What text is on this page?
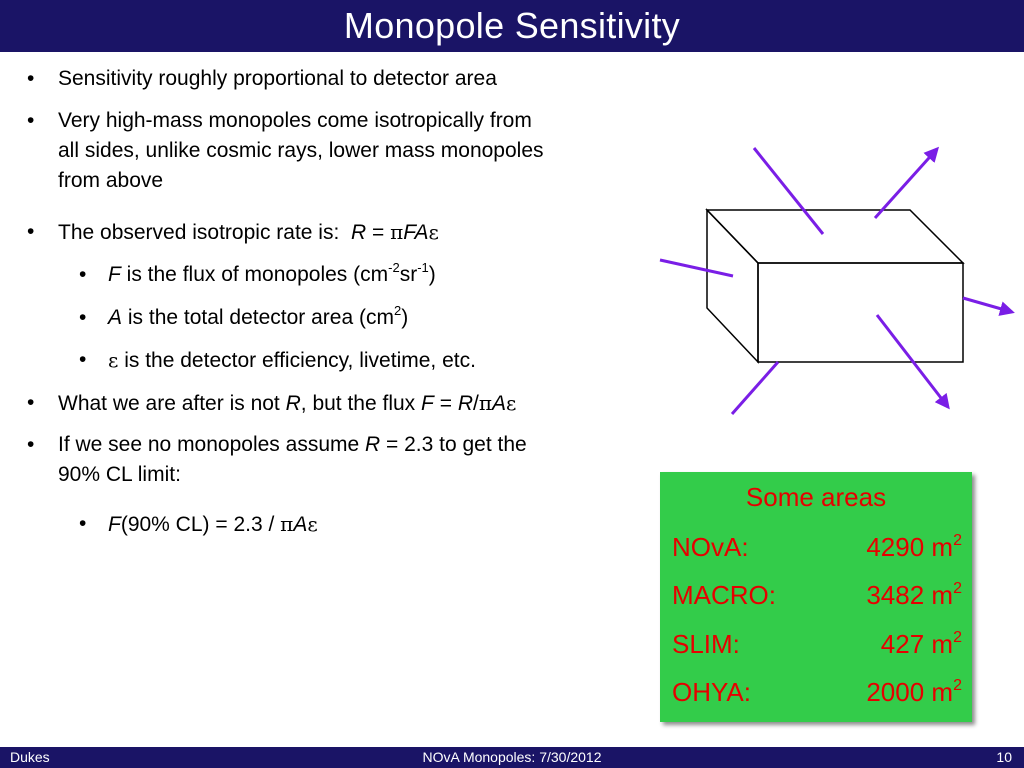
Monopole Sensitivity
•	Sensitivity roughly proportional to detector area
•	Very high-mass monopoles come isotropically from
all sides, unlike cosmic rays, lower mass monopoles
from above
•	The observed isotropic rate is: R = πFAε
•	F is the flux of monopoles $(cm^{-2}sr^{-1})$
•	A is the total detector area $(cm^2)$
•	ε is the detector efficiency, livetime, etc.
•	What we are after is not R, but the flux F = R/πAε
•	If we see no monopoles assume R = 2.3 to get the
90% CL limit:
•	F(90% CL) = 2.3 / πAε
Some areas
NOvA:	4290 $m^2$
MACRO:	3482 $m^2$
SLIM:	427 $m^2$
OHYA:	2000 $m^2$
Dukes	NOvA Monopoles: 7/30/2012	10
